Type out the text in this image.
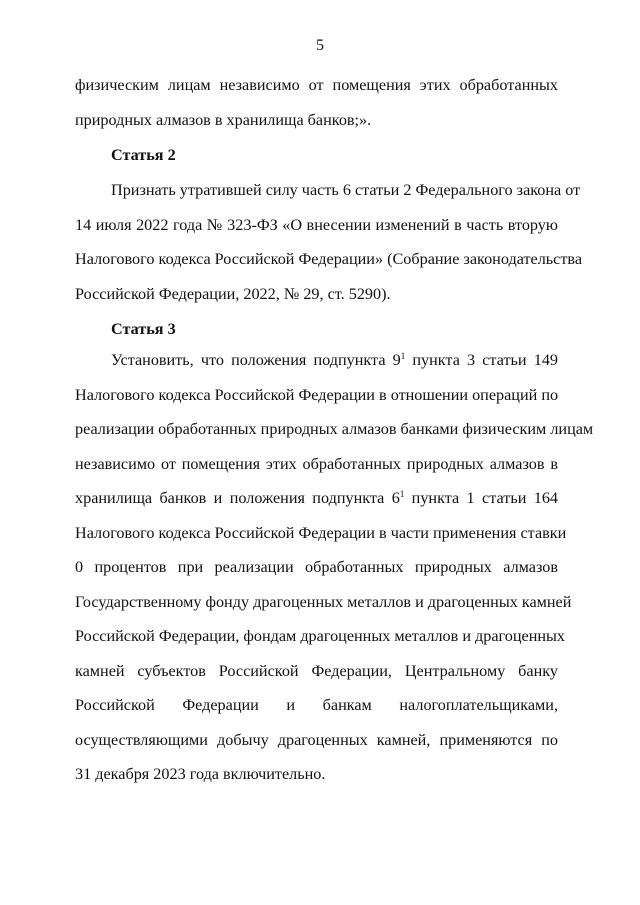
5
физическим лицам независимо от помещения этих обработанных
природных алмазов в хранилища банков;».
Статья 2
Признать утратившей силу часть 6 статьи 2 Федерального закона от
14 июля 2022 года № 323-ФЗ «О внесении изменений в часть вторую
Налогового кодекса Российской Федерации» (Собрание законодательства
Российской Федерации, 2022, № 29, ст. 5290).
Статья 3
Установить, что положения подпункта $9^1$ пункта 3 статьи 149
Налогового кодекса Российской Федерации в отношении операций по
реализации обработанных природных алмазов банками физическим лицам
независимо от помещения этих обработанных природных алмазов в
хранилища банков и положения подпункта $6^1$ пункта 1 статьи 164
Налогового кодекса Российской Федерации в части применения ставки
0 процентов при реализации обработанных природных алмазов
Государственному фонду драгоценных металлов и драгоценных камней
Российской Федерации, фондам драгоценных металлов и драгоценных
камней субъектов Российской Федерации, Центральному банку
Российской Федерации и банкам налогоплательщиками,
осуществляющими добычу драгоценных камней, применяются по
31 декабря 2023 года включительно.
